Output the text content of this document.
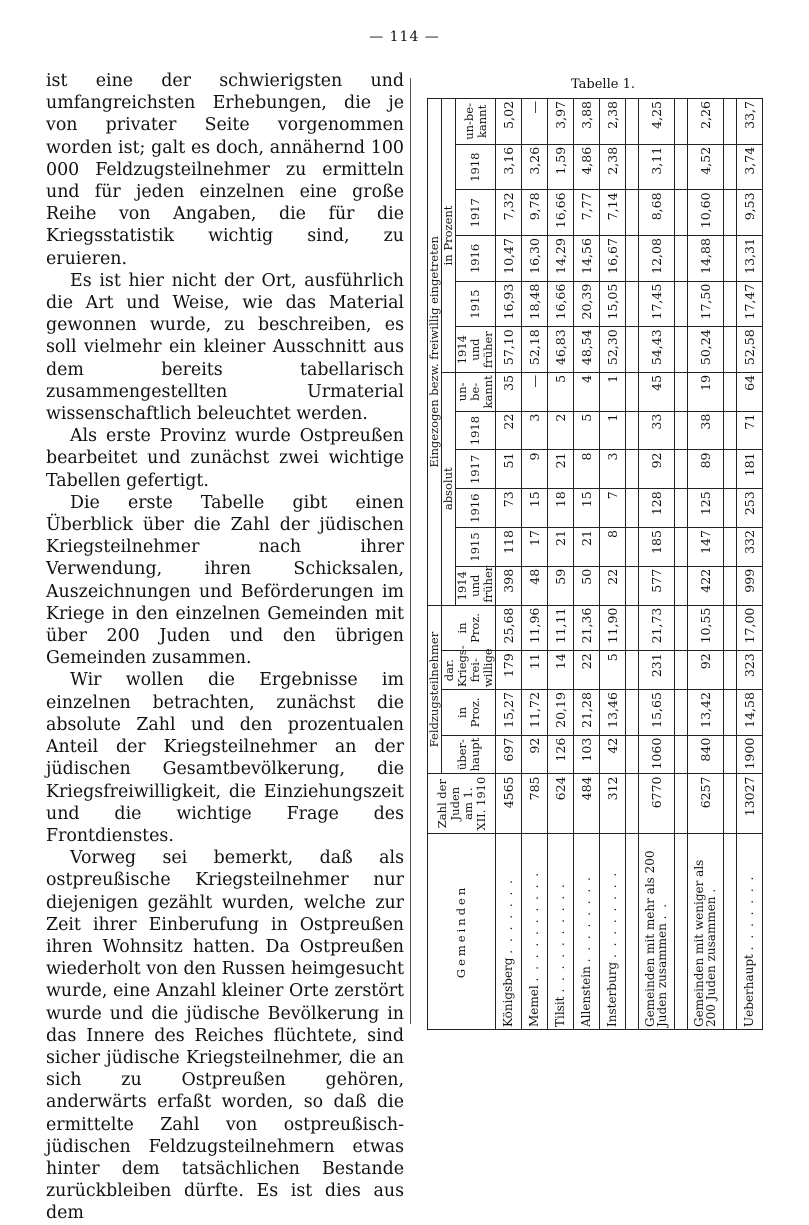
— 114 —

ist eine der schwierigsten und umfangreichsten Erhebungen, die je von privater Seite vorgenommen worden ist; galt es doch, annähernd 100 000 Feldzugsteilnehmer zu ermitteln und für jeden einzelnen eine große Reihe von Angaben, die für die Kriegsstatistik wichtig sind, zu eruieren.

Es ist hier nicht der Ort, ausführlich die Art und Weise, wie das Material gewonnen wurde, zu beschreiben, es soll vielmehr ein kleiner Ausschnitt aus dem bereits tabellarisch zusammengestellten Urmaterial wissenschaftlich beleuchtet werden.

Als erste Provinz wurde Ostpreußen bearbeitet und zunächst zwei wichtige Tabellen gefertigt.

Die erste Tabelle gibt einen Überblick über die Zahl der jüdischen Kriegsteilnehmer nach ihrer Verwendung, ihren Schicksalen, Auszeichnungen und Beförderungen im Kriege in den einzelnen Gemeinden mit über 200 Juden und den übrigen Gemeinden zusammen.

Wir wollen die Ergebnisse im einzelnen betrachten, zunächst die absolute Zahl und den prozentualen Anteil der Kriegsteilnehmer an der jüdischen Gesamtbevölkerung, die Kriegsfreiwilligkeit, die Einziehungszeit und die wichtige Frage des Frontdienstes.

Vorweg sei bemerkt, daß als ostpreußische Kriegsteilnehmer nur diejenigen gezählt wurden, welche zur Zeit ihrer Einberufung in Ostpreußen ihren Wohnsitz hatten. Da Ostpreußen wiederholt von den Russen heimgesucht wurde, eine Anzahl kleiner Orte zerstört wurde und die jüdische Bevölkerung in das Innere des Reiches flüchtete, sind sicher jüdische Kriegsteilnehmer, die an sich zu Ostpreußen gehören, anderwärts erfaßt worden, so daß die ermittelte Zahl von ostpreußisch-jüdischen Feldzugsteilnehmern etwas hinter dem tatsächlichen Bestande zurückbleiben dürfte. Es ist dies aus dem

Tabelle 1.
Gemeinden	Zahl der Juden am 1. XII. 1910	Feldzugsteilnehmer				Eingezogen bezw. freiwillig eingetreten											
		über-haupt	in Proz.	dar. Kriegs-frei-willige	in Proz.	absolut						in Prozent					
						1914 und früher	1915	1916	1917	1918	un-be-kannt	1914 und früher	1915	1916	1917	1918	un-be-kannt
Königsberg . . . . . . .	4565	697	15,27	179	25,68	398	118	73	51	22	35	57,10	16,93	10,47	7,32	3,16	5,02
Memel . . . . . . . . . .	785	92	11,72	11	11,96	48	17	15	9	3	—	52,18	18,48	16,30	9,78	3,26	—
Tilsit . . . . . . . . . .	624	126	20,19	14	11,11	59	21	18	21	2	5	46,83	16,66	14,29	16,66	1,59	3,97
Allenstein . . . . . . . .	484	103	21,28	22	21,36	50	21	15	8	5	4	48,54	20,39	14,56	7,77	4,86	3,88
Insterburg . . . . . . . .	312	42	13,46	5	11,90	22	8	7	3	1	1	52,30	15,05	16,67	7,14	2,38	2,38

Gemeinden mit mehr als 200 Juden zusammen . .	6770	1060	15,65	231	21,73	577	185	128	92	33	45	54,43	17,45	12,08	8,68	3,11	4,25

Gemeinden mit weniger als 200 Juden zusammen .	6257	840	13,42	92	10,55	422	147	125	89	38	19	50,24	17,50	14,88	10,60	4,52	2,26

Ueberhaupt . . . . . . .	13027	1900	14,58	323	17,00	999	332	253	181	71	64	52,58	17,47	13,31	9,53	3,74	33,7
